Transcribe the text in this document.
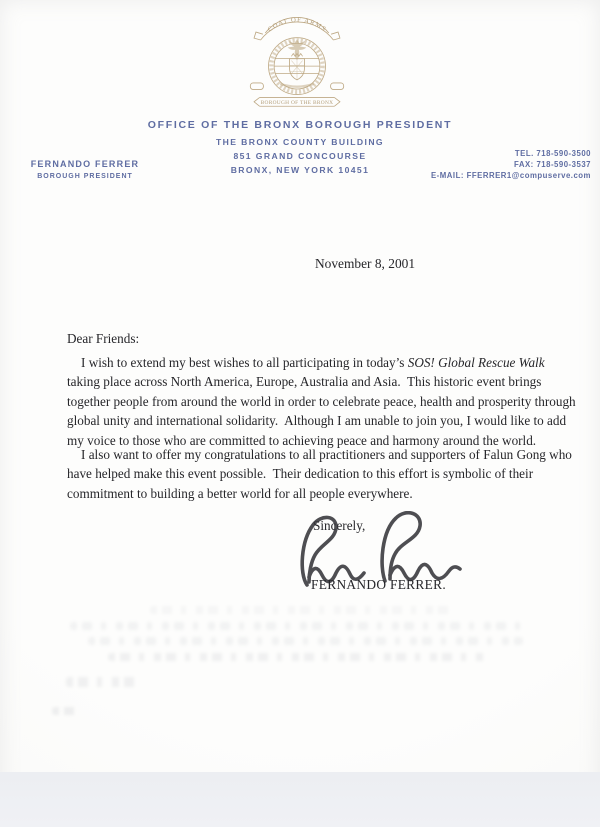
COAT OF ARMS
BOROUGH OF THE BRONX
OFFICE OF THE BRONX BOROUGH PRESIDENT
THE BRONX COUNTY BUILDING
851 GRAND CONCOURSE
BRONX, NEW YORK 10451
FERNANDO FERRER
BOROUGH PRESIDENT
TEL. 718-590-3500
FAX: 718-590-3537
E-MAIL: FFERRER1@compuserve.com
November 8, 2001
Dear Friends:
I wish to extend my best wishes to all participating in today’s SOS! Global Rescue Walk
taking place across North America, Europe, Australia and Asia.  This historic event brings
together people from around the world in order to celebrate peace, health and prosperity through
global unity and international solidarity.  Although I am unable to join you, I would like to add
my voice to those who are committed to achieving peace and harmony around the world.
I also want to offer my congratulations to all practitioners and supporters of Falun Gong who
have helped make this event possible.  Their dedication to this effort is symbolic of their
commitment to building a better world for all people everywhere.
Sincerely,
FERNANDO FERRER.
